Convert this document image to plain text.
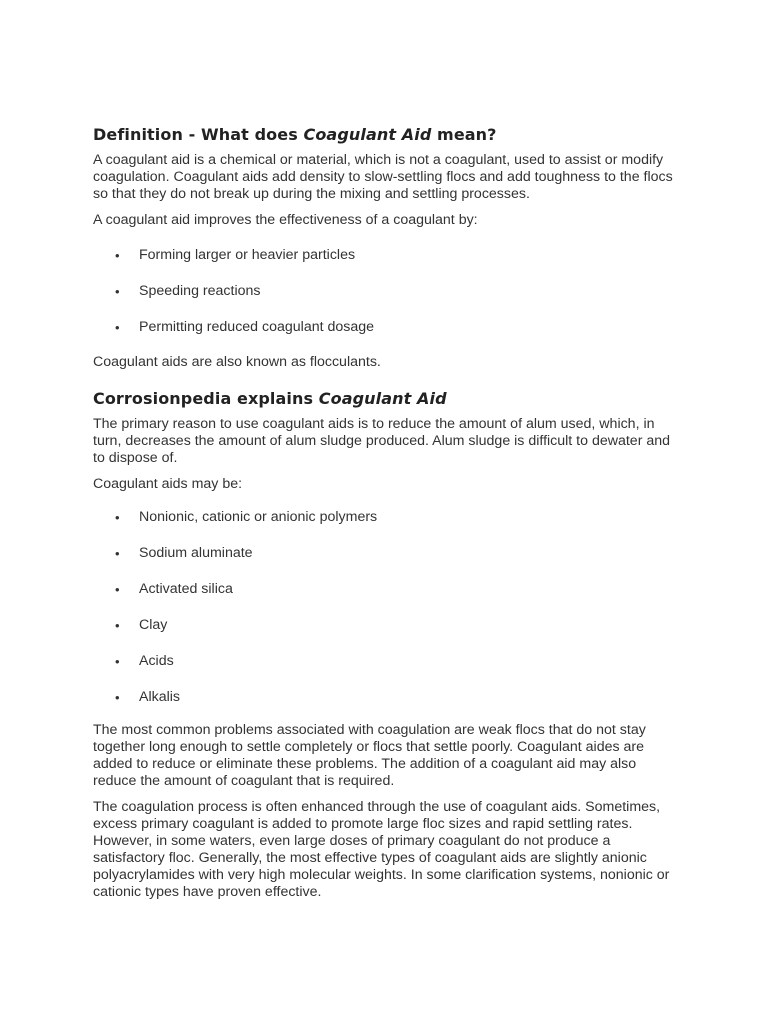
Definition - What does Coagulant Aid mean?

A coagulant aid is a chemical or material, which is not a coagulant, used to assist or modify coagulation. Coagulant aids add density to slow-settling flocs and add toughness to the flocs so that they do not break up during the mixing and settling processes.

A coagulant aid improves the effectiveness of a coagulant by:

• Forming larger or heavier particles
• Speeding reactions
• Permitting reduced coagulant dosage

Coagulant aids are also known as flocculants.

Corrosionpedia explains Coagulant Aid

The primary reason to use coagulant aids is to reduce the amount of alum used, which, in turn, decreases the amount of alum sludge produced. Alum sludge is difficult to dewater and to dispose of.

Coagulant aids may be:

• Nonionic, cationic or anionic polymers
• Sodium aluminate
• Activated silica
• Clay
• Acids
• Alkalis

The most common problems associated with coagulation are weak flocs that do not stay together long enough to settle completely or flocs that settle poorly. Coagulant aides are added to reduce or eliminate these problems. The addition of a coagulant aid may also reduce the amount of coagulant that is required.

The coagulation process is often enhanced through the use of coagulant aids. Sometimes, excess primary coagulant is added to promote large floc sizes and rapid settling rates. However, in some waters, even large doses of primary coagulant do not produce a satisfactory floc. Generally, the most effective types of coagulant aids are slightly anionic polyacrylamides with very high molecular weights. In some clarification systems, nonionic or cationic types have proven effective.
